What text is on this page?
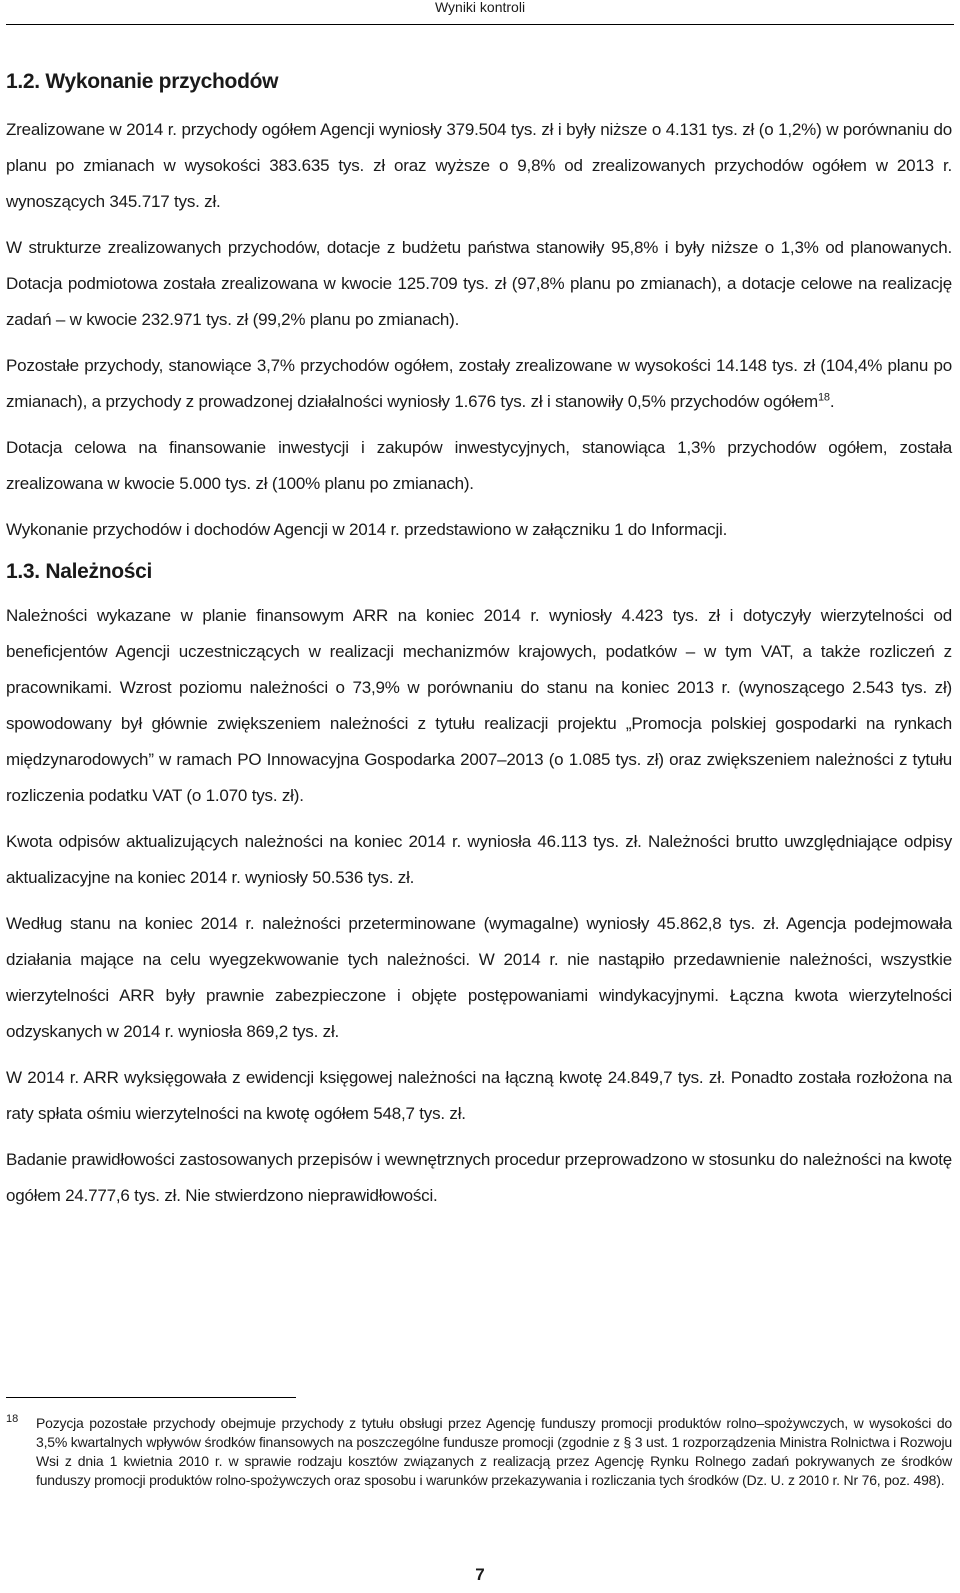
Wyniki kontroli
1.2. Wykonanie przychodów

Zrealizowane w 2014 r. przychody ogółem Agencji wyniosły 379.504 tys. zł i były niższe o 4.131 tys. zł (o 1,2%) w porównaniu do planu po zmianach w wysokości 383.635 tys. zł oraz wyższe o 9,8% od zrealizowanych przychodów ogółem w 2013 r. wynoszących 345.717 tys. zł.

W strukturze zrealizowanych przychodów, dotacje z budżetu państwa stanowiły 95,8% i były niższe o 1,3% od planowanych. Dotacja podmiotowa została zrealizowana w kwocie 125.709 tys. zł (97,8% planu po zmianach), a dotacje celowe na realizację zadań – w kwocie 232.971 tys. zł (99,2% planu po zmianach).

Pozostałe przychody, stanowiące 3,7% przychodów ogółem, zostały zrealizowane w wysokości 14.148 tys. zł (104,4% planu po zmianach), a przychody z prowadzonej działalności wyniosły 1.676 tys. zł i stanowiły 0,5% przychodów ogółem$^{18}$.

Dotacja celowa na finansowanie inwestycji i zakupów inwestycyjnych, stanowiąca 1,3% przychodów ogółem, została zrealizowana w kwocie 5.000 tys. zł (100% planu po zmianach).

Wykonanie przychodów i dochodów Agencji w 2014 r. przedstawiono w załączniku 1 do Informacji.

1.3. Należności

Należności wykazane w planie finansowym ARR na koniec 2014 r. wyniosły 4.423 tys. zł i dotyczyły wierzytelności od beneficjentów Agencji uczestniczących w realizacji mechanizmów krajowych, podatków – w tym VAT, a także rozliczeń z pracownikami. Wzrost poziomu należności o 73,9% w porównaniu do stanu na koniec 2013 r. (wynoszącego 2.543 tys. zł) spowodowany był głównie zwiększeniem należności z tytułu realizacji projektu „Promocja polskiej gospodarki na rynkach międzynarodowych” w ramach PO Innowacyjna Gospodarka 2007–2013 (o 1.085 tys. zł) oraz zwiększeniem należności z tytułu rozliczenia podatku VAT (o 1.070 tys. zł).

Kwota odpisów aktualizujących należności na koniec 2014 r. wyniosła 46.113 tys. zł. Należności brutto uwzględniające odpisy aktualizacyjne na koniec 2014 r. wyniosły 50.536 tys. zł.

Według stanu na koniec 2014 r. należności przeterminowane (wymagalne) wyniosły 45.862,8 tys. zł. Agencja podejmowała działania mające na celu wyegzekwowanie tych należności. W 2014 r. nie nastąpiło przedawnienie należności, wszystkie wierzytelności ARR były prawnie zabezpieczone i objęte postępowaniami windykacyjnymi. Łączna kwota wierzytelności odzyskanych w 2014 r. wyniosła 869,2 tys. zł.

W 2014 r. ARR wyksięgowała z ewidencji księgowej należności na łączną kwotę 24.849,7 tys. zł. Ponadto została rozłożona na raty spłata ośmiu wierzytelności na kwotę ogółem 548,7 tys. zł.

Badanie prawidłowości zastosowanych przepisów i wewnętrznych procedur przeprowadzono w stosunku do należności na kwotę ogółem 24.777,6 tys. zł. Nie stwierdzono nieprawidłowości.

18	Pozycja pozostałe przychody obejmuje przychody z tytułu obsługi przez Agencję funduszy promocji produktów rolno–spożywczych, w wysokości do 3,5% kwartalnych wpływów środków finansowych na poszczególne fundusze promocji (zgodnie z § 3 ust. 1 rozporządzenia Ministra Rolnictwa i Rozwoju Wsi z dnia 1 kwietnia 2010 r. w sprawie rodzaju kosztów związanych z realizacją przez Agencję Rynku Rolnego zadań pokrywanych ze środków funduszy promocji produktów rolno-spożywczych oraz sposobu i warunków przekazywania i rozliczania tych środków (Dz. U. z 2010 r. Nr 76, poz. 498).
7
